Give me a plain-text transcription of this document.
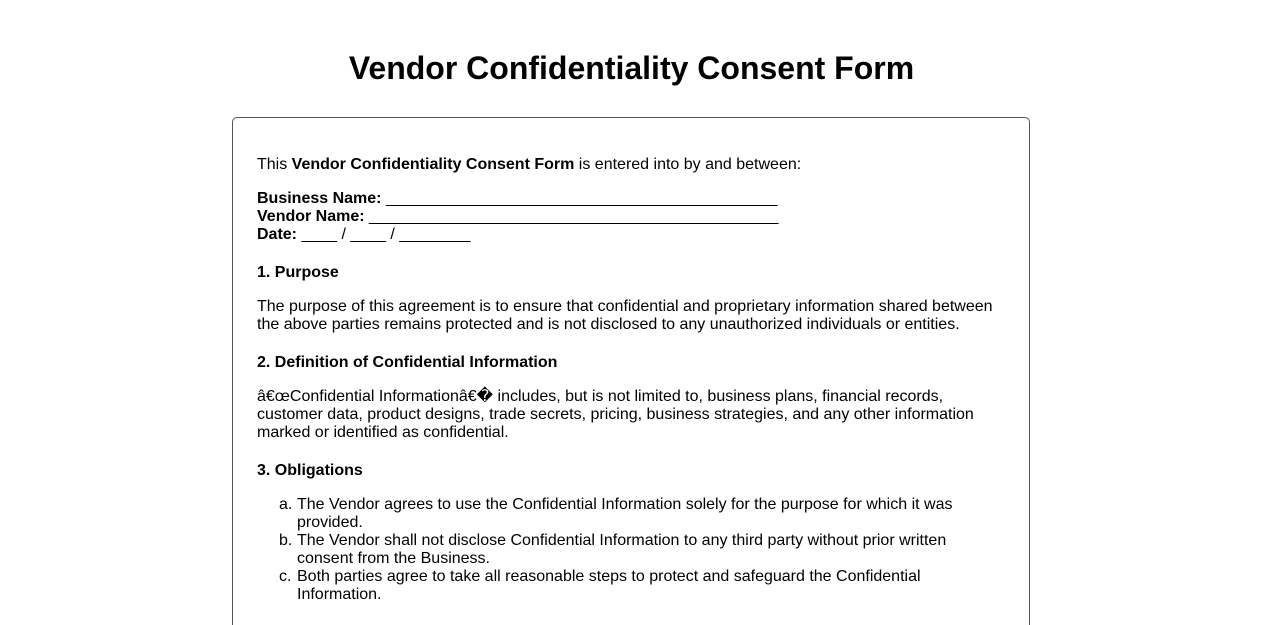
Vendor Confidentiality Consent Form

This Vendor Confidentiality Consent Form is entered into by and between:

Business Name: ____________________________________________
Vendor Name: ______________________________________________
Date: ____ / ____ / ________

1. Purpose

The purpose of this agreement is to ensure that confidential and proprietary information shared between the above parties remains protected and is not disclosed to any unauthorized individuals or entities.

2. Definition of Confidential Information

â€œConfidential Informationâ€� includes, but is not limited to, business plans, financial records, customer data, product designs, trade secrets, pricing, business strategies, and any other information marked or identified as confidential.

3. Obligations

a. The Vendor agrees to use the Confidential Information solely for the purpose for which it was provided.
b. The Vendor shall not disclose Confidential Information to any third party without prior written consent from the Business.
c. Both parties agree to take all reasonable steps to protect and safeguard the Confidential Information.
